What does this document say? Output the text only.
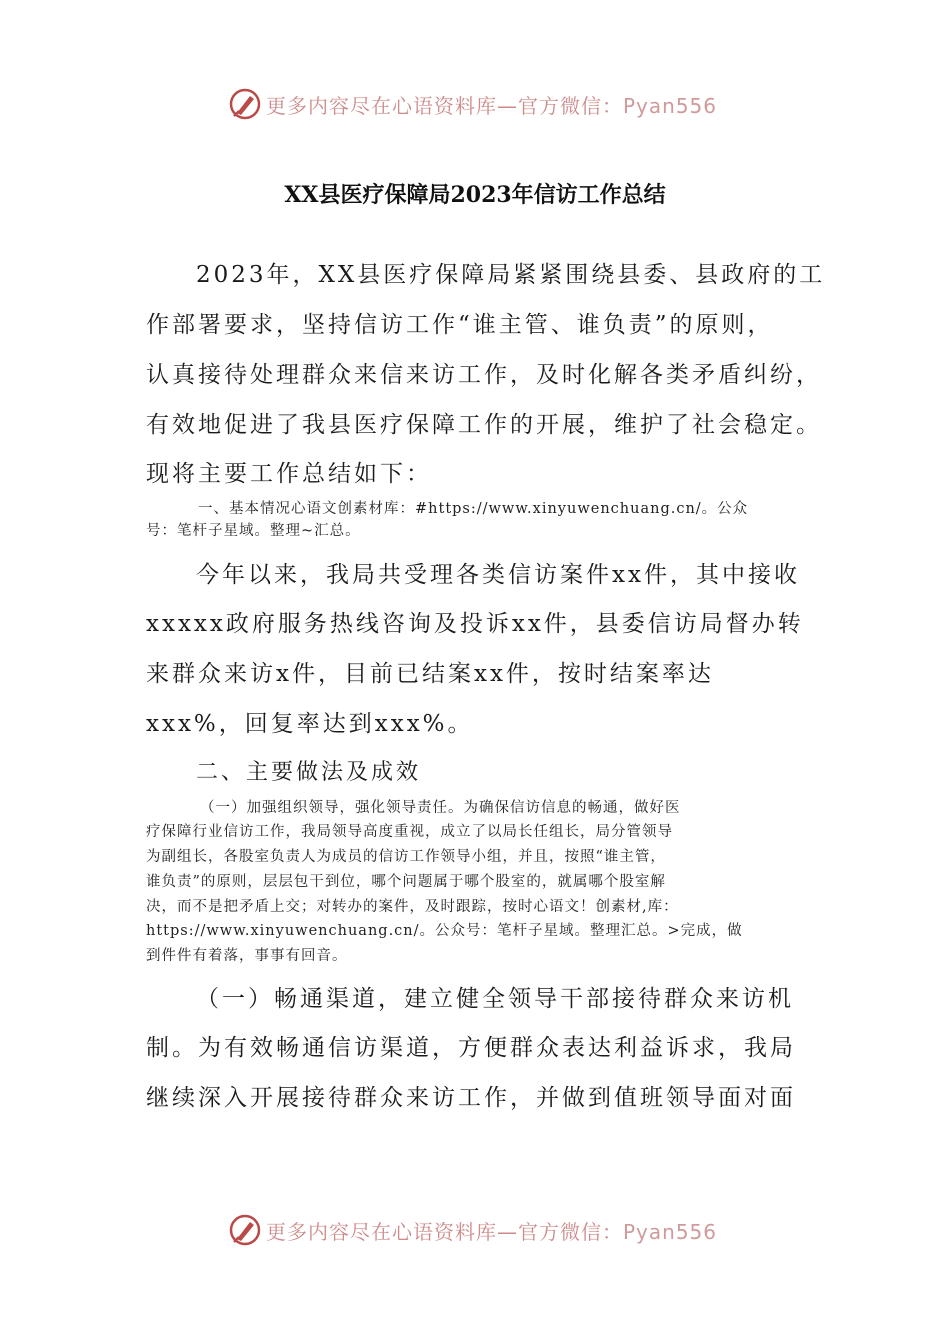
更多内容尽在心语资料库—官方微信：Pyan556
XX县医疗保障局2023年信访工作总结
2023年，XX县医疗保障局紧紧围绕县委、县政府的工
作部署要求，坚持信访工作“谁主管、谁负责”的原则，
认真接待处理群众来信来访工作，及时化解各类矛盾纠纷，
有效地促进了我县医疗保障工作的开展，维护了社会稳定。
现将主要工作总结如下：
一、基本情况心语文创素材库：#https://www.xinyuwenchuang.cn/。公众
号：笔杆子星域。整理~汇总。
今年以来，我局共受理各类信访案件xx件，其中接收
xxxxx政府服务热线咨询及投诉xx件，县委信访局督办转
来群众来访x件，目前已结案xx件，按时结案率达
xxx%，回复率达到xxx%。
二、主要做法及成效
（一）加强组织领导，强化领导责任。为确保信访信息的畅通，做好医
疗保障行业信访工作，我局领导高度重视，成立了以局长任组长，局分管领导
为副组长，各股室负责人为成员的信访工作领导小组，并且，按照“谁主管，
谁负责”的原则，层层包干到位，哪个问题属于哪个股室的，就属哪个股室解
决，而不是把矛盾上交；对转办的案件，及时跟踪，按时心语文！创素材,库：
https://www.xinyuwenchuang.cn/。公众号：笔杆子星域。整理汇总。>完成，做
到件件有着落，事事有回音。
（一）畅通渠道，建立健全领导干部接待群众来访机
制。为有效畅通信访渠道，方便群众表达利益诉求，我局
继续深入开展接待群众来访工作，并做到值班领导面对面
更多内容尽在心语资料库—官方微信：Pyan556
